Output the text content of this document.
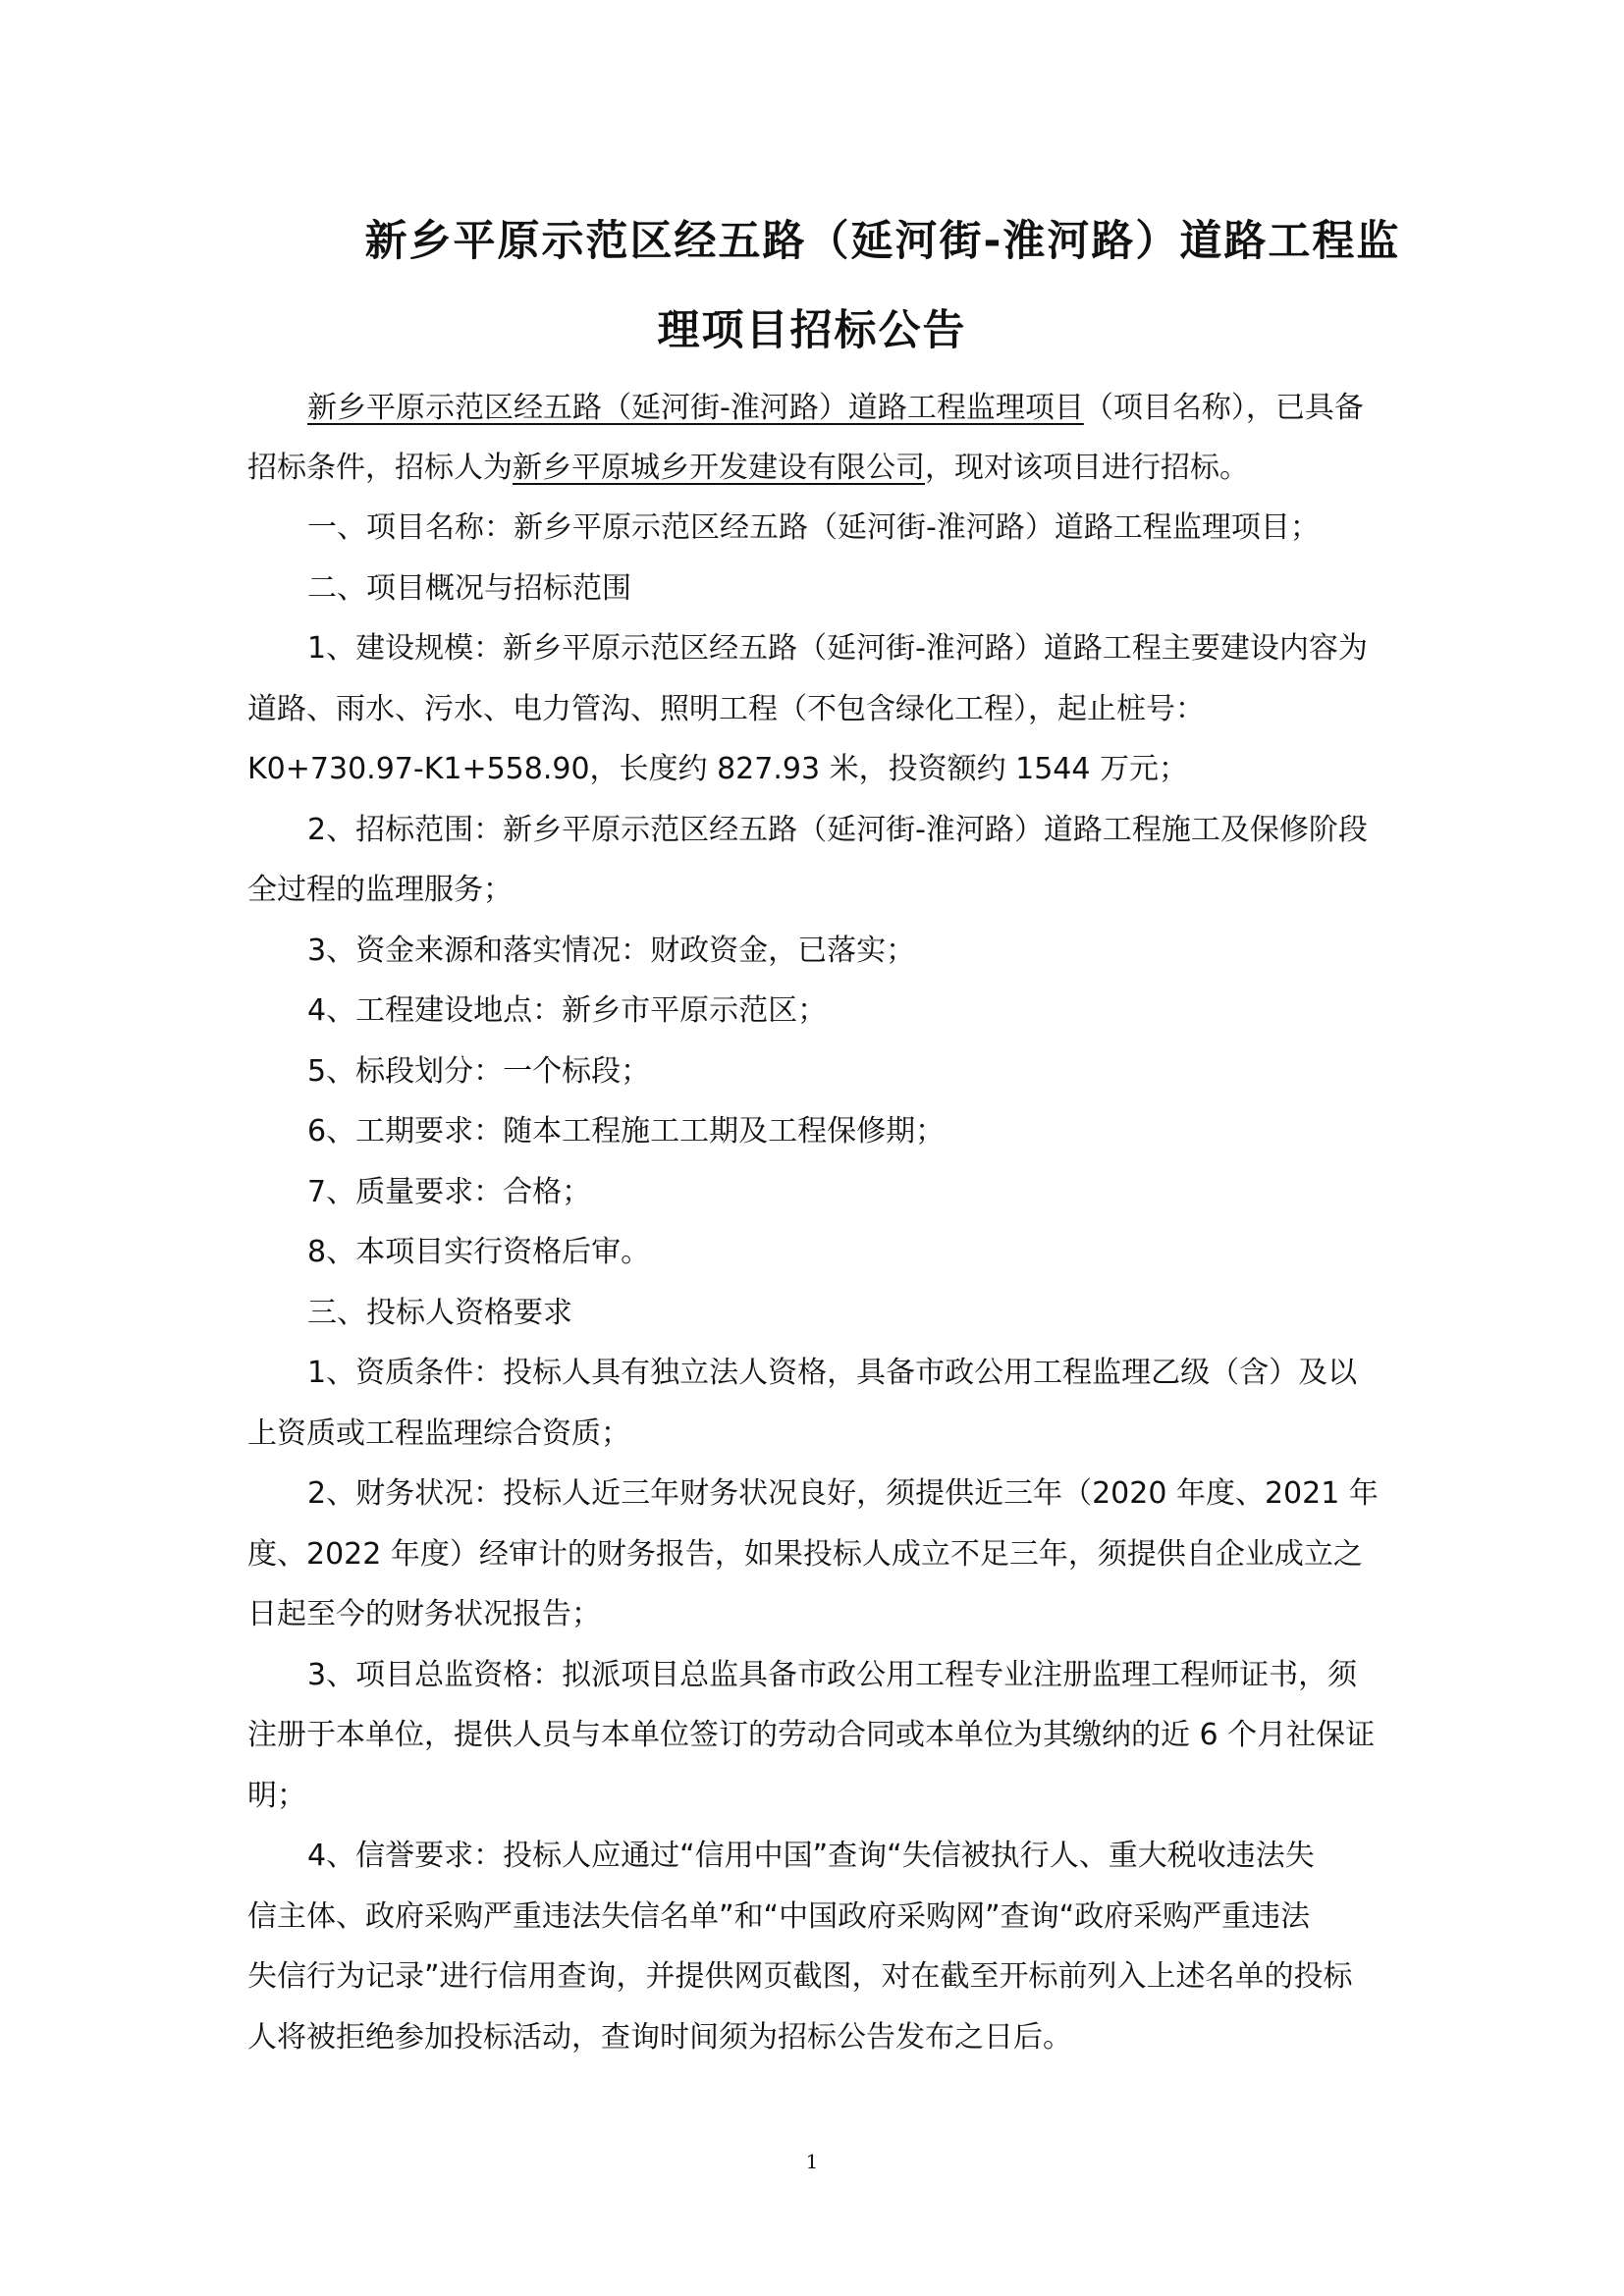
新乡平原示范区经五路（延河街-淮河路）道路工程监
理项目招标公告
新乡平原示范区经五路（延河街-淮河路）道路工程监理项目（项目名称），已具备
招标条件，招标人为新乡平原城乡开发建设有限公司，现对该项目进行招标。
一、项目名称：新乡平原示范区经五路（延河街-淮河路）道路工程监理项目；
二、项目概况与招标范围
1、建设规模：新乡平原示范区经五路（延河街-淮河路）道路工程主要建设内容为
道路、雨水、污水、电力管沟、照明工程（不包含绿化工程），起止桩号：
K0+730.97-K1+558.90，长度约 827.93 米，投资额约 1544 万元；
2、招标范围：新乡平原示范区经五路（延河街-淮河路）道路工程施工及保修阶段
全过程的监理服务；
3、资金来源和落实情况：财政资金，已落实；
4、工程建设地点：新乡市平原示范区；
5、标段划分：一个标段；
6、工期要求：随本工程施工工期及工程保修期；
7、质量要求：合格；
8、本项目实行资格后审。
三、投标人资格要求
1、资质条件：投标人具有独立法人资格，具备市政公用工程监理乙级（含）及以
上资质或工程监理综合资质；
2、财务状况：投标人近三年财务状况良好，须提供近三年（2020 年度、2021 年
度、2022 年度）经审计的财务报告，如果投标人成立不足三年，须提供自企业成立之
日起至今的财务状况报告；
3、项目总监资格：拟派项目总监具备市政公用工程专业注册监理工程师证书，须
注册于本单位，提供人员与本单位签订的劳动合同或本单位为其缴纳的近 6 个月社保证
明；
4、信誉要求：投标人应通过“信用中国”查询“失信被执行人、重大税收违法失
信主体、政府采购严重违法失信名单”和“中国政府采购网”查询“政府采购严重违法
失信行为记录”进行信用查询，并提供网页截图，对在截至开标前列入上述名单的投标
人将被拒绝参加投标活动，查询时间须为招标公告发布之日后。
1
